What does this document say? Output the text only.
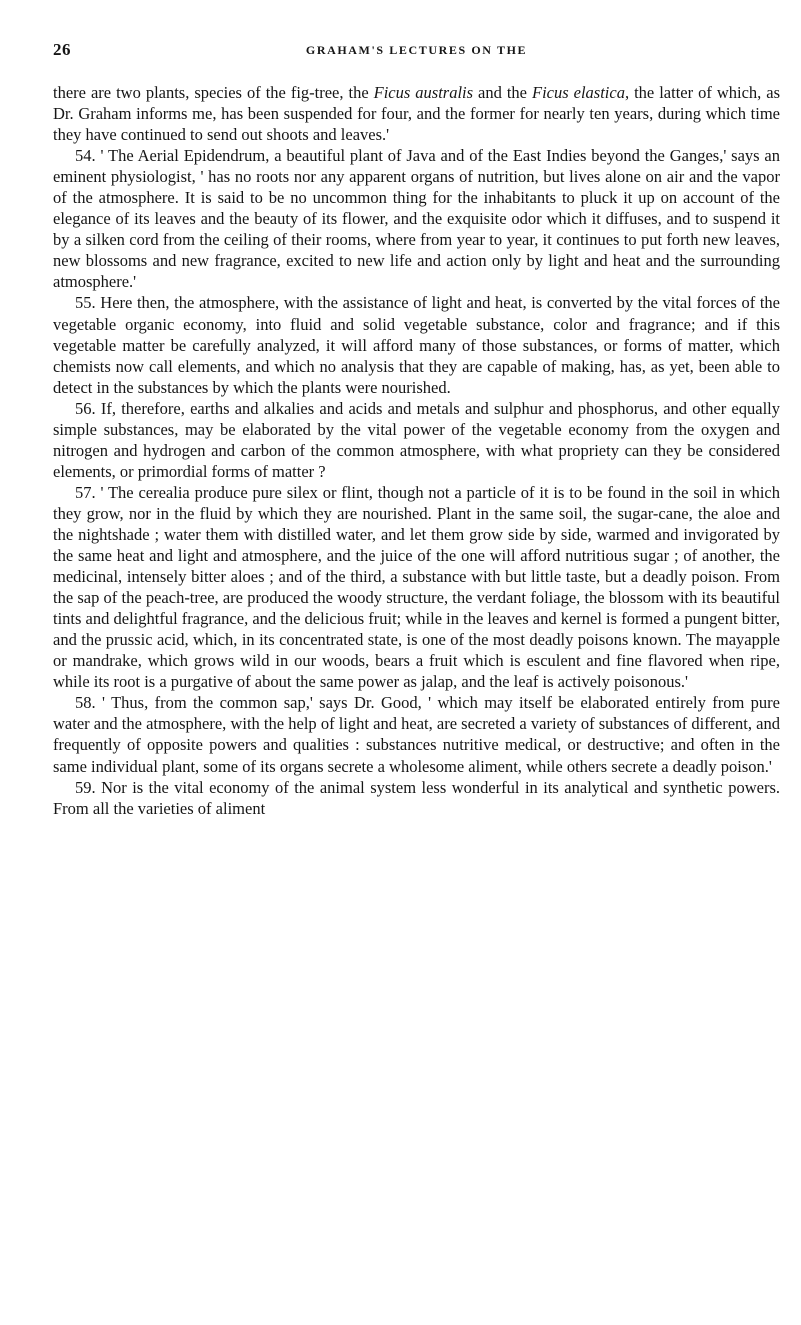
26	GRAHAM'S LECTURES ON THE

there are two plants, species of the fig-tree, the Ficus australis and the Ficus elastica, the latter of which, as Dr. Graham informs me, has been suspended for four, and the former for nearly ten years, during which time they have continued to send out shoots and leaves.'

54. ' The Aerial Epidendrum, a beautiful plant of Java and of the East Indies beyond the Ganges,' says an eminent physiologist, ' has no roots nor any apparent organs of nutrition, but lives alone on air and the vapor of the atmosphere. It is said to be no uncommon thing for the inhabitants to pluck it up on account of the elegance of its leaves and the beauty of its flower, and the exquisite odor which it diffuses, and to suspend it by a silken cord from the ceiling of their rooms, where from year to year, it continues to put forth new leaves, new blossoms and new fragrance, excited to new life and action only by light and heat and the surrounding atmosphere.'

55. Here then, the atmosphere, with the assistance of light and heat, is converted by the vital forces of the vegetable organic economy, into fluid and solid vegetable substance, color and fragrance; and if this vegetable matter be carefully analyzed, it will afford many of those substances, or forms of matter, which chemists now call elements, and which no analysis that they are capable of making, has, as yet, been able to detect in the substances by which the plants were nourished.

56. If, therefore, earths and alkalies and acids and metals and sulphur and phosphorus, and other equally simple substances, may be elaborated by the vital power of the vegetable economy from the oxygen and nitrogen and hydrogen and carbon of the common atmosphere, with what propriety can they be considered elements, or primordial forms of matter ?

57. ' The cerealia produce pure silex or flint, though not a particle of it is to be found in the soil in which they grow, nor in the fluid by which they are nourished. Plant in the same soil, the sugar-cane, the aloe and the nightshade ; water them with distilled water, and let them grow side by side, warmed and invigorated by the same heat and light and atmosphere, and the juice of the one will afford nutritious sugar ; of another, the medicinal, intensely bitter aloes ; and of the third, a substance with but little taste, but a deadly poison. From the sap of the peach-tree, are produced the woody structure, the verdant foliage, the blossom with its beautiful tints and delightful fragrance, and the delicious fruit; while in the leaves and kernel is formed a pungent bitter, and the prussic acid, which, in its concentrated state, is one of the most deadly poisons known. The mayapple or mandrake, which grows wild in our woods, bears a fruit which is esculent and fine flavored when ripe, while its root is a purgative of about the same power as jalap, and the leaf is actively poisonous.'

58. ' Thus, from the common sap,' says Dr. Good, ' which may itself be elaborated entirely from pure water and the atmosphere, with the help of light and heat, are secreted a variety of substances of different, and frequently of opposite powers and qualities : substances nutritive medical, or destructive; and often in the same individual plant, some of its organs secrete a wholesome aliment, while others secrete a deadly poison.'

59. Nor is the vital economy of the animal system less wonderful in its analytical and synthetic powers. From all the varieties of aliment
